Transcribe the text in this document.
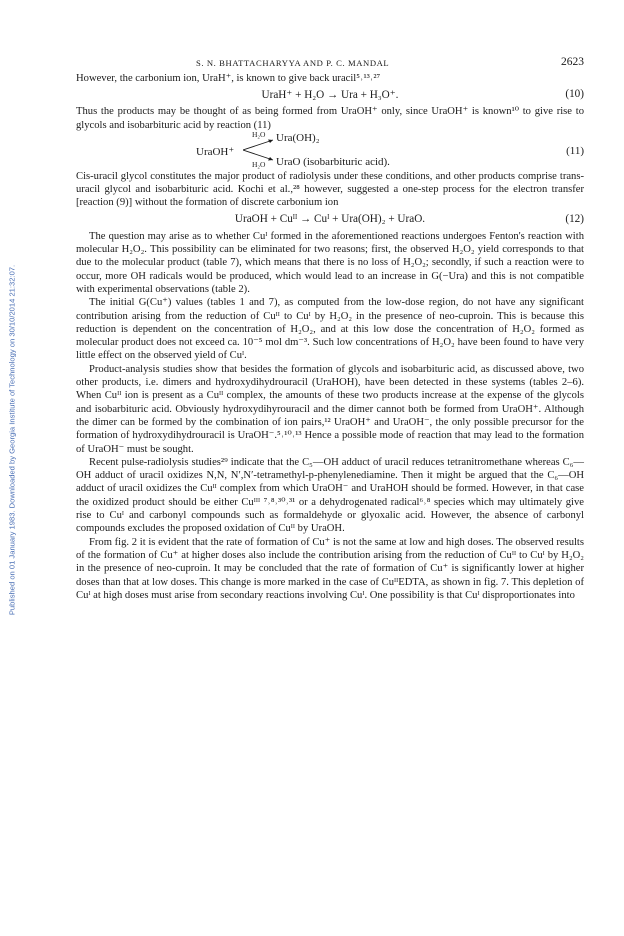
Published on 01 January 1983. Downloaded by Georgia Institute of Technology on 30/10/2014 21:32:07.
S. N. BHATTACHARYYA AND P. C. MANDAL	2623

However, the carbonium ion, UraH⁺, is known to give back uracil⁵˒¹³˒²⁷

UraH⁺ + H₂O → Ura + H₃O⁺.	(10)

Thus the products may be thought of as being formed from UraOH⁺ only, since UraOH⁺ is known¹⁰ to give rise to glycols and isobarbituric acid by reaction (11)

UraOH⁺
H₂O Ura(OH)₂
H₂O UraO (isobarbituric acid).
(11)

Cis-uracil glycol constitutes the major product of radiolysis under these conditions, and other products comprise trans-uracil glycol and isobarbituric acid. Kochi et al.,²⁸ however, suggested a one-step process for the electron transfer [reaction (9)] without the formation of discrete carbonium ion

UraOH + Cuᴵᴵ → Cuᴵ + Ura(OH)₂ + UraO.	(12)

The question may arise as to whether Cuᴵ formed in the aforementioned reactions undergoes Fenton's reaction with molecular H₂O₂. This possibility can be eliminated for two reasons; first, the observed H₂O₂ yield corresponds to that due to the molecular product (table 7), which means that there is no loss of H₂O₂; secondly, if such a reaction were to occur, more OH radicals would be produced, which would lead to an increase in G(−Ura) and this is not compatible with experimental observations (table 2).

The initial G(Cu⁺) values (tables 1 and 7), as computed from the low-dose region, do not have any significant contribution arising from the reduction of Cuᴵᴵ to Cuᴵ by H₂O₂ in the presence of neo-cuproin. This is because this reduction is dependent on the concentration of H₂O₂, and at this low dose the concentration of H₂O₂ formed as molecular product does not exceed ca. 10⁻⁵ mol dm⁻³. Such low concentrations of H₂O₂ have been found to have very little effect on the observed yield of Cuᴵ.

Product-analysis studies show that besides the formation of glycols and isobarbituric acid, as discussed above, two other products, i.e. dimers and hydroxydihydrouracil (UraHOH), have been detected in these systems (tables 2–6). When Cuᴵᴵ ion is present as a Cuᴵᴵ complex, the amounts of these two products increase at the expense of the glycols and isobarbituric acid. Obviously hydroxydihyrouracil and the dimer cannot both be formed from UraOH⁺. Although the dimer can be formed by the combination of ion pairs,¹² UraOH⁺ and UraOH⁻, the only possible precursor for the formation of hydroxydihydrouracil is UraOH⁻.⁵˒¹⁰˒¹³ Hence a possible mode of reaction that may lead to the formation of UraOH⁻ must be sought.

Recent pulse-radiolysis studies²⁹ indicate that the C₅—OH adduct of uracil reduces tetranitromethane whereas C₆—OH adduct of uracil oxidizes N,N, N′,N′-tetramethyl-p-phenylenediamine. Then it might be argued that the C₆—OH adduct of uracil oxidizes the Cuᴵᴵ complex from which UraOH⁻ and UraHOH should be formed. However, in that case the oxidized product should be either Cuᴵᴵᴵ ⁷˒⁸˒³⁰˒³¹ or a dehydrogenated radical⁶˒⁸ species which may ultimately give rise to Cuᴵ and carbonyl compounds such as formaldehyde or glyoxalic acid. However, the absence of carbonyl compounds excludes the proposed oxidation of Cuᴵᴵ by UraOH.

From fig. 2 it is evident that the rate of formation of Cu⁺ is not the same at low and high doses. The observed results of the formation of Cu⁺ at higher doses also include the contribution arising from the reduction of Cuᴵᴵ to Cuᴵ by H₂O₂ in the presence of neo-cuproin. It may be concluded that the rate of formation of Cu⁺ is significantly lower at higher doses than that at low doses. This change is more marked in the case of CuᴵᴵEDTA, as shown in fig. 7. This depletion of Cuᴵ at high doses must arise from secondary reactions involving Cuᴵ. One possibility is that Cuᴵ disproportionates into
